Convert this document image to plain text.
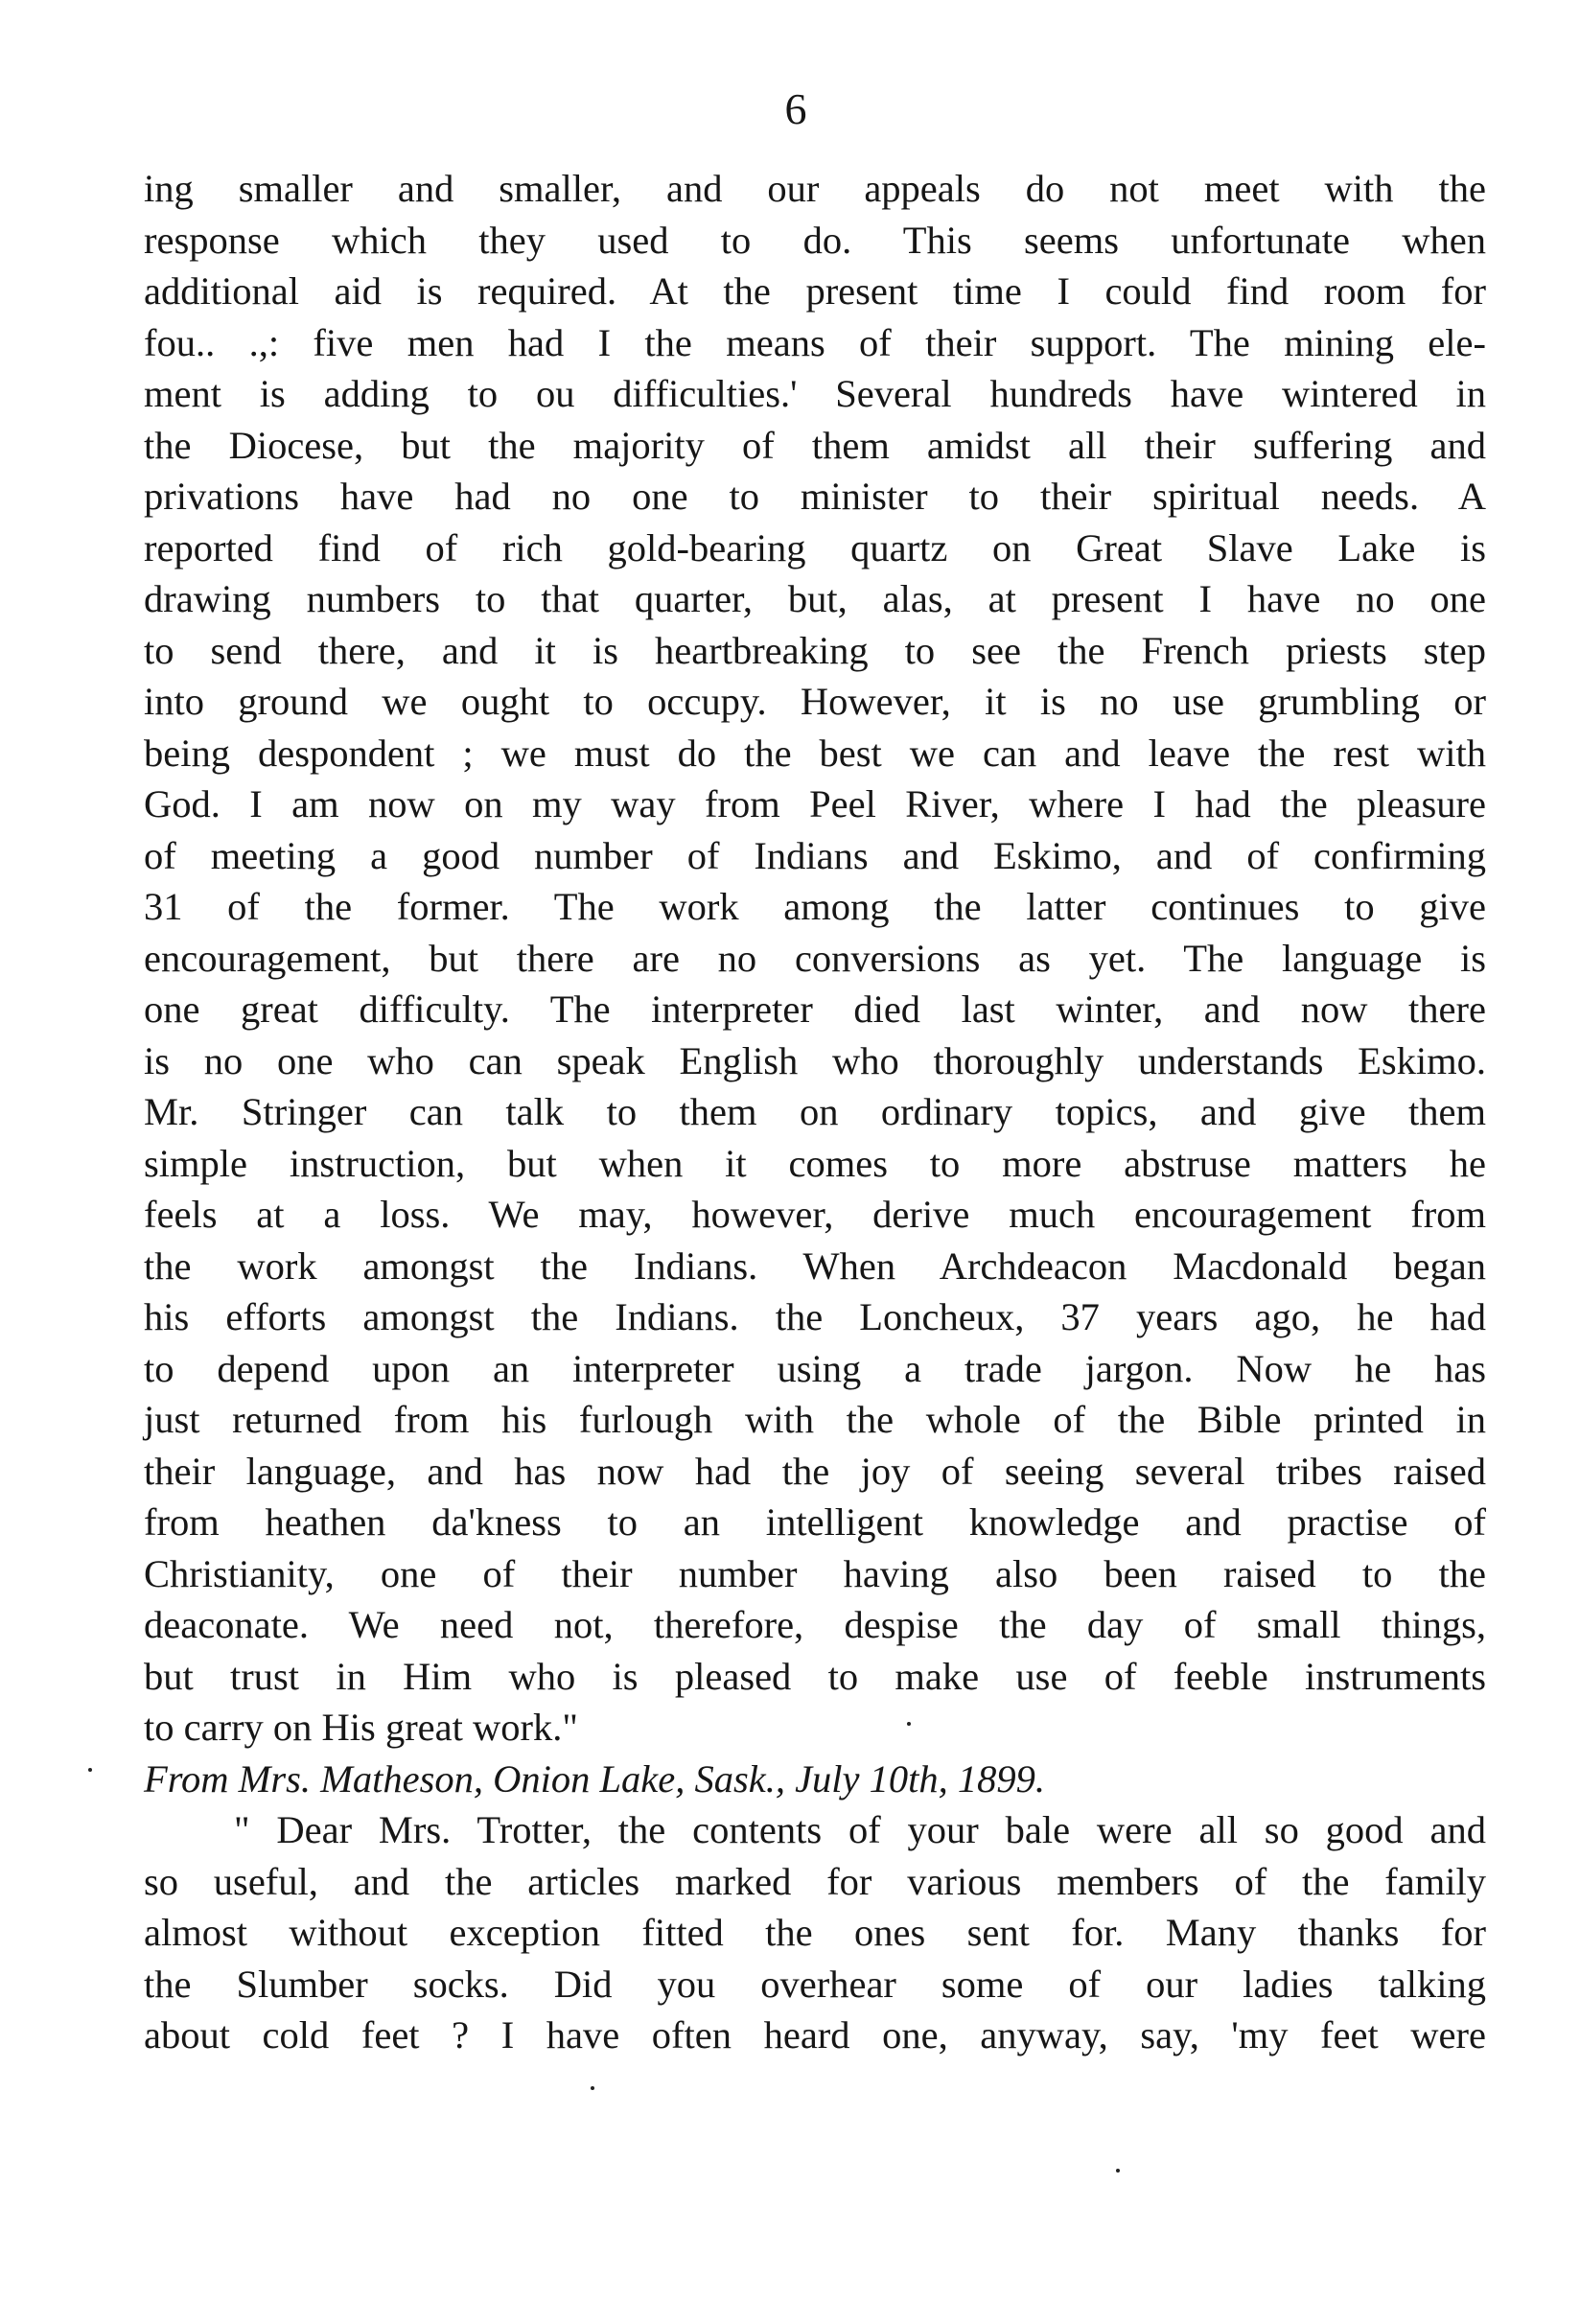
6
ing smaller and smaller, and our appeals do not meet with the
response which they used to do. This seems unfortunate when
additional aid is required. At the present time I could find room for
fou.. .,: five men had I the means of their support. The mining ele-
ment is adding to ou difficulties.' Several hundreds have wintered in
the Diocese, but the majority of them amidst all their suffering and
privations have had no one to minister to their spiritual needs. A
reported find of rich gold-bearing quartz on Great Slave Lake is
drawing numbers to that quarter, but, alas, at present I have no one
to send there, and it is heartbreaking to see the French priests step
into ground we ought to occupy. However, it is no use grumbling or
being despondent ; we must do the best we can and leave the rest with
God. I am now on my way from Peel River, where I had the pleasure
of meeting a good number of Indians and Eskimo, and of confirming
31 of the former. The work among the latter continues to give
encouragement, but there are no conversions as yet. The language is
one great difficulty. The interpreter died last winter, and now there
is no one who can speak English who thoroughly understands Eskimo.
Mr. Stringer can talk to them on ordinary topics, and give them
simple instruction, but when it comes to more abstruse matters he
feels at a loss. We may, however, derive much encouragement from
the work amongst the Indians. When Archdeacon Macdonald began
his efforts amongst the Indians. the Loncheux, 37 years ago, he had
to depend upon an interpreter using a trade jargon. Now he has
just returned from his furlough with the whole of the Bible printed in
their language, and has now had the joy of seeing several tribes raised
from heathen da'kness to an intelligent knowledge and practise of
Christianity, one of their number having also been raised to the
deaconate. We need not, therefore, despise the day of small things,
but trust in Him who is pleased to make use of feeble instruments
to carry on His great work."
From Mrs. Matheson, Onion Lake, Sask., July 10th, 1899.
" Dear Mrs. Trotter, the contents of your bale were all so good and
so useful, and the articles marked for various members of the family
almost without exception fitted the ones sent for. Many thanks for
the Slumber socks. Did you overhear some of our ladies talking
about cold feet ? I have often heard one, anyway, say, 'my feet were
